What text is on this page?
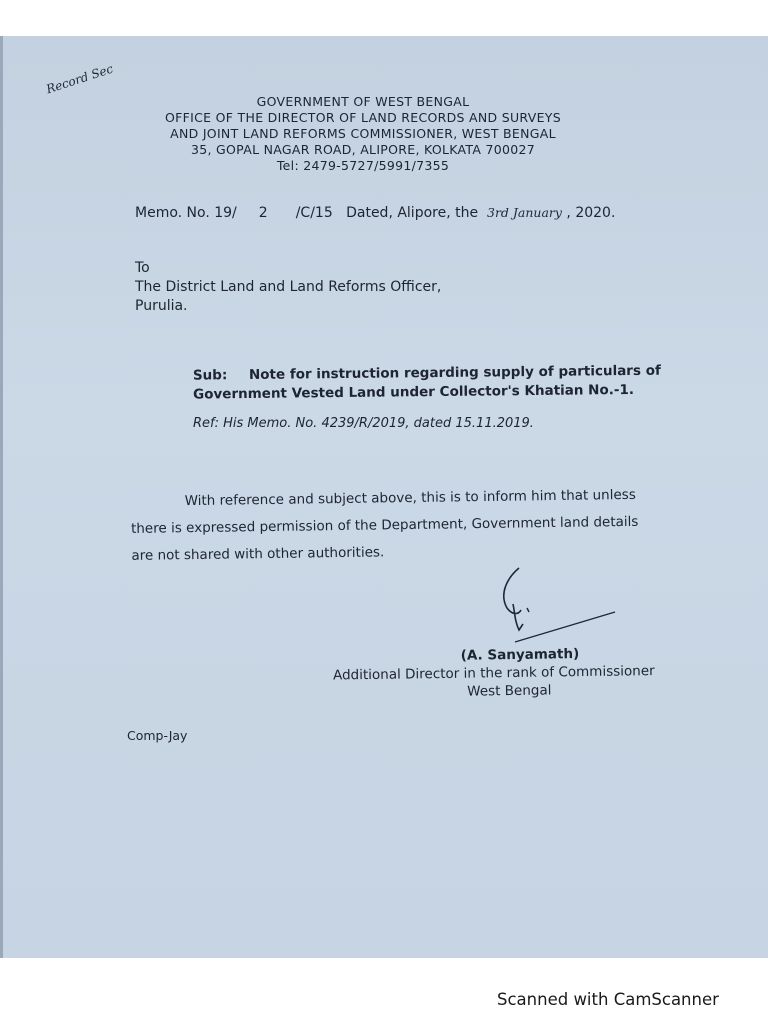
Record Sec
GOVERNMENT OF WEST BENGAL
OFFICE OF THE DIRECTOR OF LAND RECORDS AND SURVEYS
AND JOINT LAND REFORMS COMMISSIONER, WEST BENGAL
35, GOPAL NAGAR ROAD, ALIPORE, KOLKATA 700027
Tel: 2479-5727/5991/7355
Memo. No. 19/ 2 /C/15 Dated, Alipore, the 3rd January , 2020.
To
The District Land and Land Reforms Officer,
Purulia.
Sub: Note for instruction regarding supply of particulars of
Government Vested Land under Collector's Khatian No.-1.
Ref: His Memo. No. 4239/R/2019, dated 15.11.2019.
With reference and subject above, this is to inform him that unless
there is expressed permission of the Department, Government land details
are not shared with other authorities.
(A. Sanyamath)
Additional Director in the rank of Commissioner
West Bengal
Comp-Jay
Scanned with CamScanner
